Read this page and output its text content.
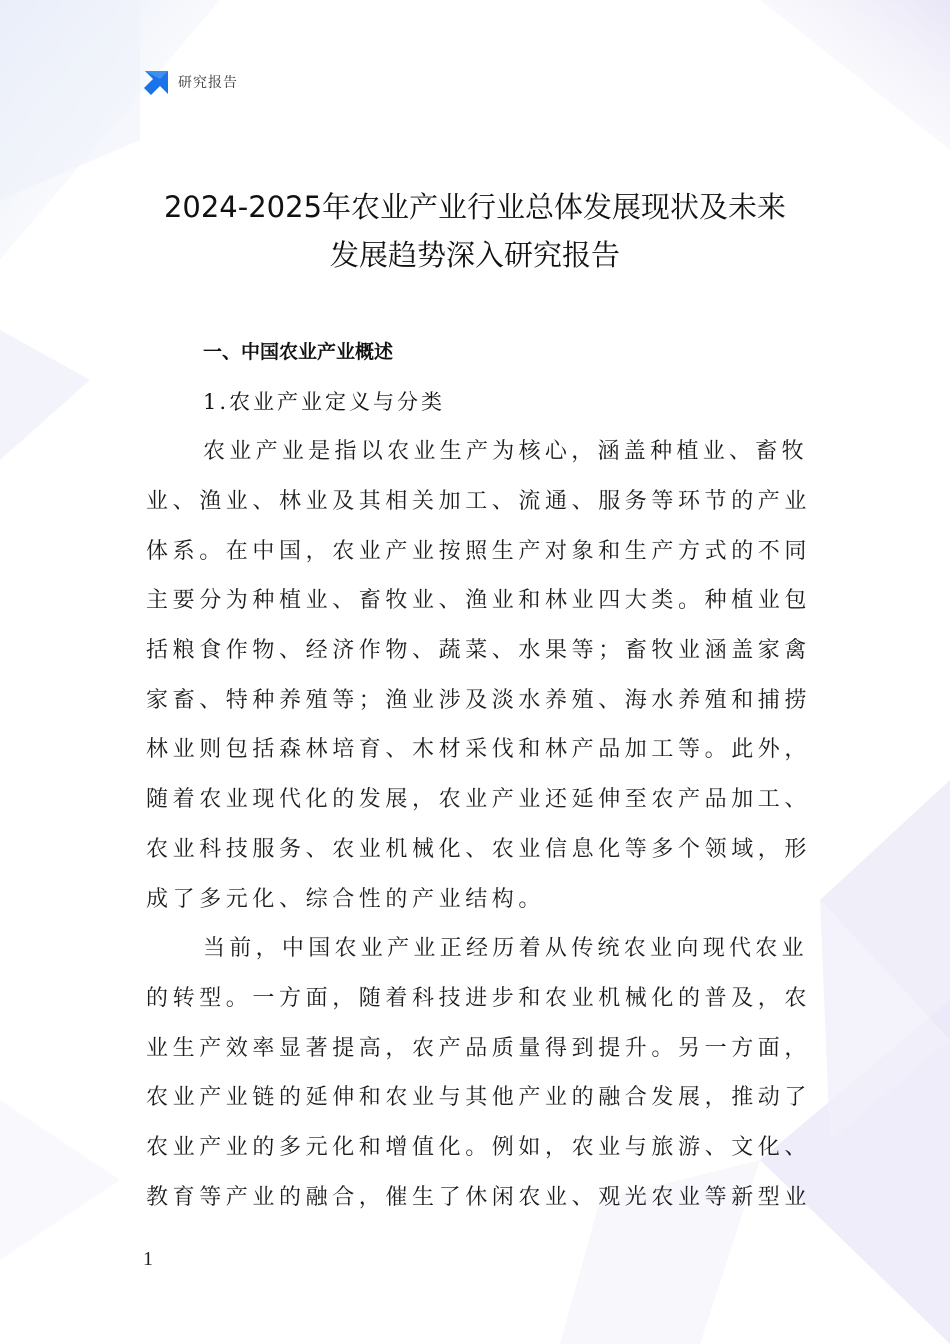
研究报告
2024-2025年农业产业行业总体发展现状及未来
发展趋势深入研究报告
一、中国农业产业概述
1.农业产业定义与分类
农业产业是指以农业生产为核心，涵盖种植业、畜牧
业、渔业、林业及其相关加工、流通、服务等环节的产业
体系。在中国，农业产业按照生产对象和生产方式的不同
主要分为种植业、畜牧业、渔业和林业四大类。种植业包
括粮食作物、经济作物、蔬菜、水果等；畜牧业涵盖家禽
家畜、特种养殖等；渔业涉及淡水养殖、海水养殖和捕捞
林业则包括森林培育、木材采伐和林产品加工等。此外，
随着农业现代化的发展，农业产业还延伸至农产品加工、
农业科技服务、农业机械化、农业信息化等多个领域，形
成了多元化、综合性的产业结构。
当前，中国农业产业正经历着从传统农业向现代农业
的转型。一方面，随着科技进步和农业机械化的普及，农
业生产效率显著提高，农产品质量得到提升。另一方面，
农业产业链的延伸和农业与其他产业的融合发展，推动了
农业产业的多元化和增值化。例如，农业与旅游、文化、
教育等产业的融合，催生了休闲农业、观光农业等新型业
1
